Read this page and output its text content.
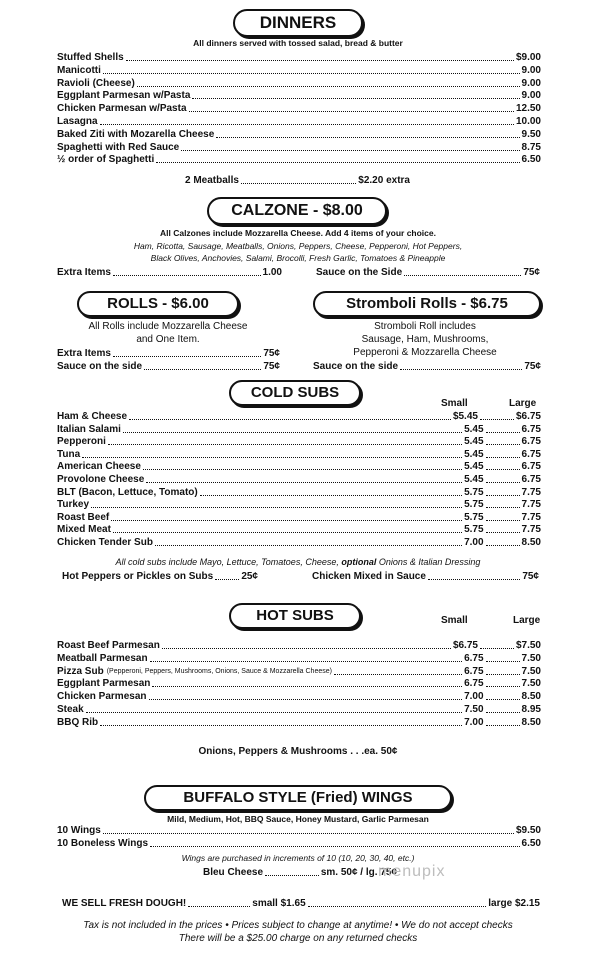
DINNERS
All dinners served with tossed salad, bread & butter
Stuffed Shells	$9.00
Manicotti	9.00
Ravioli (Cheese)	9.00
Eggplant Parmesan w/Pasta	9.00
Chicken Parmesan w/Pasta	12.50
Lasagna	10.00
Baked Ziti with Mozarella Cheese	9.50
Spaghetti with Red Sauce	8.75
½ order of Spaghetti	6.50
2 Meatballs	$2.20 extra
CALZONE - $8.00
All Calzones include Mozzarella Cheese. Add 4 items of your choice.
Ham, Ricotta, Sausage, Meatballs, Onions, Peppers, Cheese, Pepperoni, Hot Peppers,
Black Olives, Anchovies, Salami, Brocolli, Fresh Garlic, Tomatoes & Pineapple
Extra Items	1.00	Sauce on the Side	75¢
ROLLS - $6.00
All Rolls include Mozzarella Cheese
and One Item.
Extra Items	75¢
Sauce on the side	75¢
Stromboli Rolls - $6.75
Stromboli Roll includes
Sausage, Ham, Mushrooms,
Pepperoni & Mozzarella Cheese
Sauce on the side	75¢
COLD SUBS
Small	Large
Ham & Cheese	$5.45	$6.75
Italian Salami	5.45	6.75
Pepperoni	5.45	6.75
Tuna	5.45	6.75
American Cheese	5.45	6.75
Provolone Cheese	5.45	6.75
BLT (Bacon, Lettuce, Tomato)	5.75	7.75
Turkey	5.75	7.75
Roast Beef	5.75	7.75
Mixed Meat	5.75	7.75
Chicken Tender Sub	7.00	8.50
All cold subs include Mayo, Lettuce, Tomatoes, Cheese, optional Onions & Italian Dressing
Hot Peppers or Pickles on Subs	25¢	Chicken Mixed in Sauce	75¢
HOT SUBS	Small	Large
Roast Beef Parmesan	$6.75	$7.50
Meatball Parmesan	6.75	7.50
Pizza Sub (Pepperoni, Peppers, Mushrooms, Onions, Sauce & Mozzarella Cheese)	6.75	7.50
Eggplant Parmesan	6.75	7.50
Chicken Parmesan	7.00	8.50
Steak	7.50	8.95
BBQ Rib	7.00	8.50
Onions, Peppers & Mushrooms . . .ea. 50¢
BUFFALO STYLE (Fried) WINGS
Mild, Medium, Hot, BBQ Sauce, Honey Mustard, Garlic Parmesan
10 Wings	$9.50
10 Boneless Wings	6.50
Wings are purchased in increments of 10 (10, 20, 30, 40, etc.)
Bleu Cheese	sm. 50¢ / lg. 75¢
menupix
WE SELL FRESH DOUGH!	small $1.65	large $2.15
Tax is not included in the prices • Prices subject to change at anytime! • We do not accept checks
There will be a $25.00 charge on any returned checks
